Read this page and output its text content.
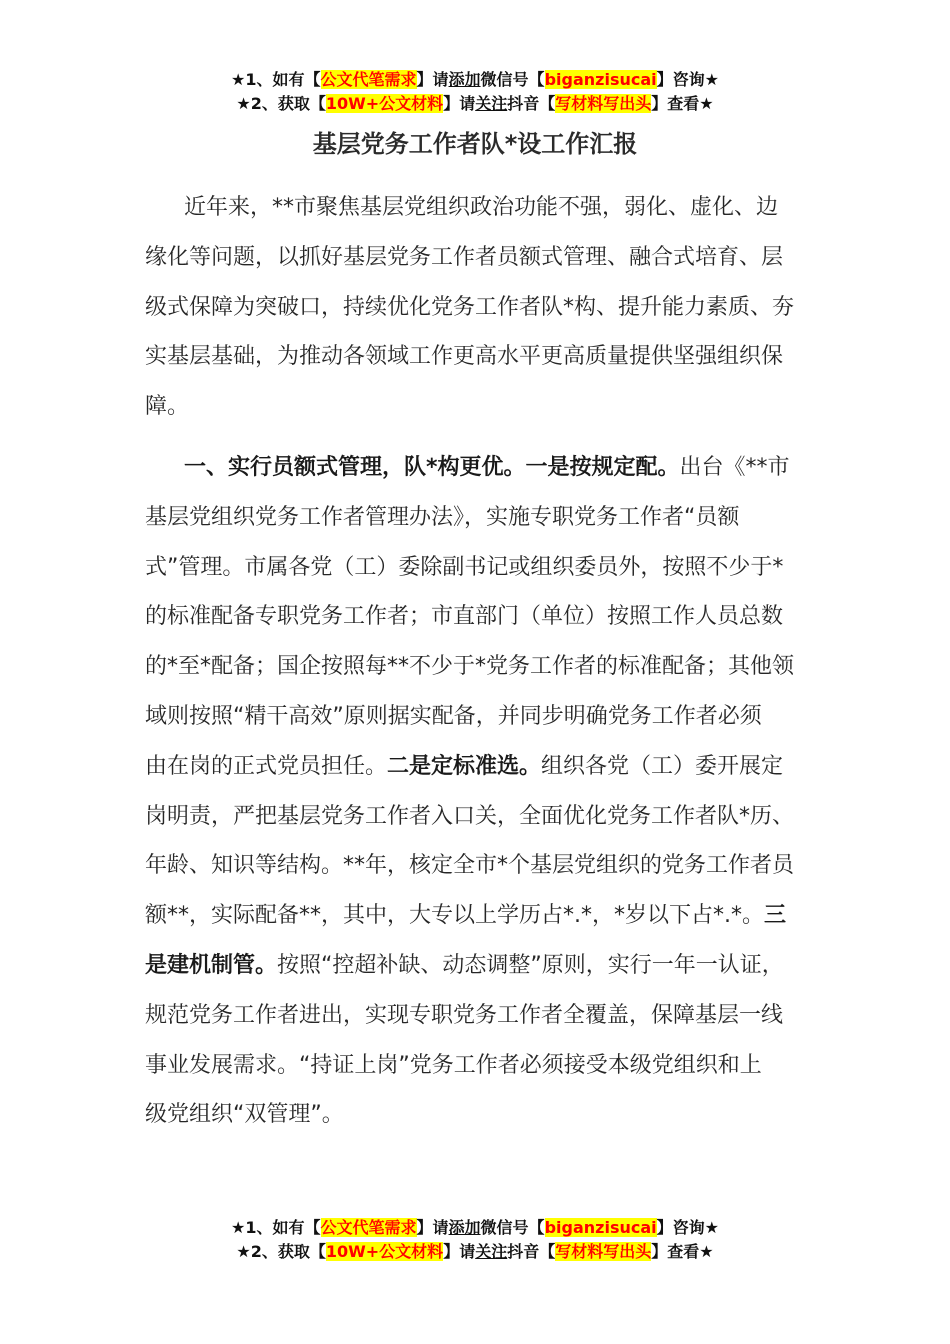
★1、如有【公文代笔需求】请添加微信号【biganzisucai】咨询★
★2、获取【10W+公文材料】请关注抖音【写材料写出头】查看★
基层党务工作者队*设工作汇报
近年来，**市聚焦基层党组织政治功能不强，弱化、虚化、边
缘化等问题，以抓好基层党务工作者员额式管理、融合式培育、层
级式保障为突破口，持续优化党务工作者队*构、提升能力素质、夯
实基层基础，为推动各领域工作更高水平更高质量提供坚强组织保
障。
一、实行员额式管理，队*构更优。一是按规定配。出台《**市
基层党组织党务工作者管理办法》，实施专职党务工作者“员额
式”管理。市属各党（工）委除副书记或组织委员外，按照不少于*
的标准配备专职党务工作者；市直部门（单位）按照工作人员总数
的*至*配备；国企按照每**不少于*党务工作者的标准配备；其他领
域则按照“精干高效”原则据实配备，并同步明确党务工作者必须
由在岗的正式党员担任。二是定标准选。组织各党（工）委开展定
岗明责，严把基层党务工作者入口关，全面优化党务工作者队*历、
年龄、知识等结构。**年，核定全市*个基层党组织的党务工作者员
额**，实际配备**，其中，大专以上学历占*.*，*岁以下占*.*。三
是建机制管。按照“控超补缺、动态调整”原则，实行一年一认证，
规范党务工作者进出，实现专职党务工作者全覆盖，保障基层一线
事业发展需求。“持证上岗”党务工作者必须接受本级党组织和上
级党组织“双管理”。
★1、如有【公文代笔需求】请添加微信号【biganzisucai】咨询★
★2、获取【10W+公文材料】请关注抖音【写材料写出头】查看★
